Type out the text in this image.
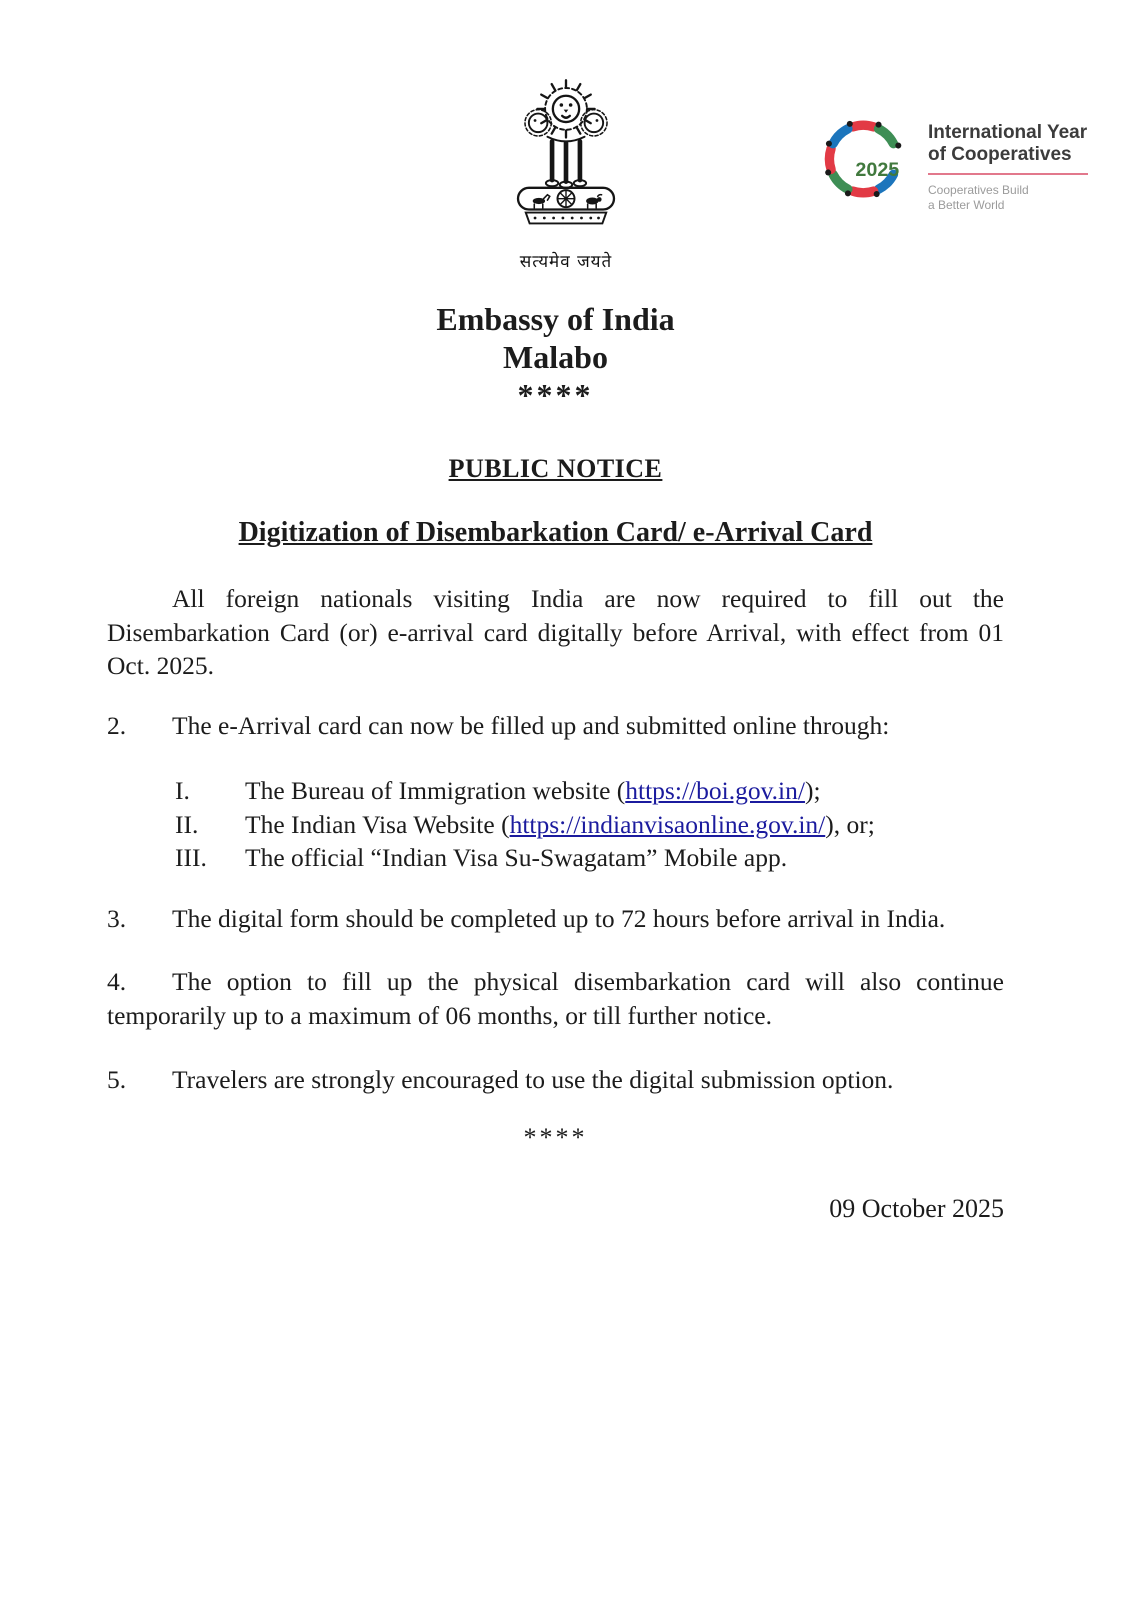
सत्यमेव जयते
2025
International Year
of Cooperatives
Cooperatives Build
a Better World
Embassy of India
Malabo
****
PUBLIC NOTICE
Digitization of Disembarkation Card/ e-Arrival Card

All foreign nationals visiting India are now required to fill out the Disembarkation Card (or) e-arrival card digitally before Arrival, with effect from 01 Oct. 2025.

2. The e-Arrival card can now be filled up and submitted online through:

I. The Bureau of Immigration website (https://boi.gov.in/);
II. The Indian Visa Website (https://indianvisaonline.gov.in/), or;
III. The official “Indian Visa Su-Swagatam” Mobile app.

3. The digital form should be completed up to 72 hours before arrival in India.

4. The option to fill up the physical disembarkation card will also continue temporarily up to a maximum of 06 months, or till further notice.

5. Travelers are strongly encouraged to use the digital submission option.

****
09 October 2025
